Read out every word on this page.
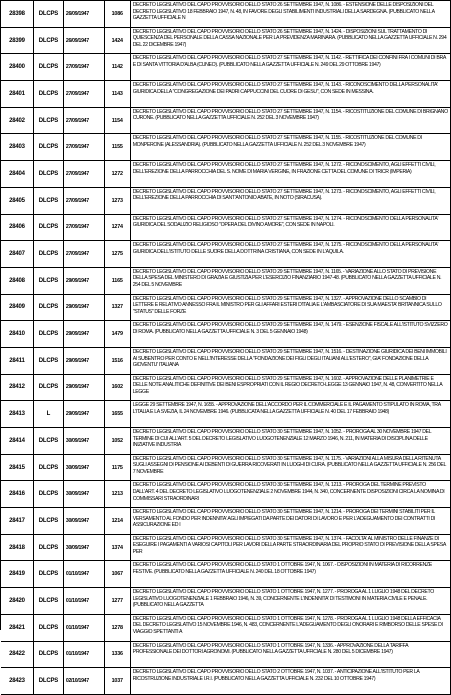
28398	DLCPS	26/09/1947	1086
DECRETO LEGISLATIVO DEL CAPO PROVVISORIO DELLO STATO 26 SETTEMBRE 1947, N. 1086. - ESTENSIONE DELLE DISPOSIZIONI DEL DECRETO LEGISLATIVO 18 FEBBRAIO 1947, N. 48, IN FAVORE DEGLI STABILIMENTI INDUSTRIALI DELLA SARDEGNA. (PUBBLICATO NELLA GAZZETTA UFFICIALE N
28399	DLCPS	26/09/1947	1424
DECRETO LEGISLATIVO DEL CAPO PROVVISORIO DELLO STATO 26 SETTEMBRE 1947, N. 1424. - DISPOSIZIONI SUL TRATTAMENTO DI QUIESCENZA DEL PERSONALE DELLA CASSA NAZIONALE PER LA PREVIDENZA MARINARA. (PUBBLICATO NELLA GAZZETTA UFFICIALE N. 294 DEL 22 DICEMBRE 1947)
28400	DLCPS	27/09/1947	1142
DECRETO LEGISLATIVO DEL CAPO PROVVISORIO DELLO STATO 27 SETTEMBRE 1947, N. 1142. - RETTIFICA DEI CONFINI FRA I COMUNI DI BRA E DI SANTA VITTORIA D'ALBA (CUNEO). (PUBBLICATO NELLA GAZZETTA UFFICIALE N. 249 DEL 29 OTTOBRE 1947)
28401	DLCPS	27/09/1947	1143
DECRETO LEGISLATIVO DEL CAPO PROVVISORIO DELLO STATO 27 SETTEMBRE 1947, N. 1143. - RICONOSCIMENTO DELLA PERSONALITA' GIURIDICA DELLA "CONGREGAZIONE DEI PADRI CAPPUCCINI DEL CUORE DI GESU", CON SEDE IN MESSINA.
28402	DLCPS	27/09/1947	1154
DECRETO LEGISLATIVO DEL CAPO PROVVISORIO DELLO STATO 27 SETTEMBRE 1947, N. 1154. - RICOSTITUZIONE DEL COMUNE DI BRIGNANO CURONE. (PUBBLICATO NELLA GAZZETTA UFFICIALE N. 252 DEL 3 NOVEMBRE 1947)
28403	DLCPS	27/09/1947	1155
DECRETO LEGISLATIVO DEL CAPO PROVVISORIO DELLO STATO 27 SETTEMBRE 1947, N. 1155. - RICOSTITUZIONE DEL COMUNE DI MONPERONE (ALESSANDRIA). (PUBBLICATO NELLA GAZZETTA UFFICIALE N. 252 DEL 3 NOVEMBRE 1947)
28404	DLCPS	27/09/1947	1272
DECRETO LEGISLATIVO DEL CAPO PROVVISORIO DELLO STATO 27 SETTEMBRE 1947, N. 1272. - RICONOSCIMENTO, AGLI EFFETTI CIVILI, DELL'EREZIONE DELLA PARROCCHIA DEL S. NOME DI MARIA VERGINE, IN FRAZIONE CETTA DEL COMUNE DI TRICR (IMPERIA)
28405	DLCPS	27/09/1947	1273
DECRETO LEGISLATIVO DEL CAPO PROVVISORIO DELLO STATO 27 SETTEMBRE 1947, N. 1273. - RICONOSCIMENTO, AGLI EFFETTI CIVILI, DELL'EREZIONE DELLA PARROCCHIA DI SANT'ANTONIO ABATE, IN NOTO (SIRACUSA).
28406	DLCPS	27/09/1947	1274
DECRETO LEGISLATIVO DEL CAPO PROVVISORIO DELLO STATO 27 SETTEMBRE 1947, N. 1274. - RICONOSCIMENTO DELLA PERSONALITA' GIURIDICA DEL SODALIZIO RELIGIOSO "OPERA DEL DIVINO AMORE", CON SEDE IN NAPOLI.
28407	DLCPS	27/09/1947	1275
DECRETO LEGISLATIVO DEL CAPO PROVVISORIO DELLO STATO 27 SETTEMBRE 1947, N. 1275. - RICONOSCIMENTO DELLA PERSONALITA' GIURIDICA DELL'ISTITUTO DELLE SUORE DELLA DOTTRINA CRISTIANA, CON SEDE IN L'AQUILA.
28408	DLCPS	29/09/1947	1165
DECRETO LEGISLATIVO DEL CAPO PROVVISORIO DELLO STATO 29 SETTEMBRE 1947, N. 1165. - VARIAZIONE ALLO STATO DI PREVISIONE DELLA SPESA DEL MINISTERO DI GRAZIA E GIUSTIZIA PER L'ESERCIZIO FINANZIARIO 1947-48. (PUBBLICATO NELLA GAZZETTA UFFICIALE N. 254 DEL 5 NOVEMBRE
28409	DLCPS	29/09/1947	1327
DECRETO LEGISLATIVO DEL CAPO PROVVISORIO DELLO STATO 29 SETTEMBRE 1947, N. 1327. - APPROVAZIONE DELLO SCAMBIO DI LETTERE E RELATIVO ANNESSO FRA IL MINISTRO PER GLI AFFARI ESTERI D'ITALIA E L'AMBASCIATORE DI SUA MAESTA' BRITANNICA SULLO "STATUS" DELLE FORZE
28410	DLCPS	29/09/1947	1479
DECRETO LEGISLATIVO DEL CAPO PROVVISORIO DELLO STATO 29 SETTEMBRE 1947, N. 1479. - ESENZIONE FISCALE ALL'ISTITUTO SVIZZERO DI ROMA. (PUBBLICATO NELLA GAZZETTA UFFICIALE N. 3 DEL 5 GENNAIO 1948)
28411	DLCPS	29/09/1947	1516
DECRETO LEGISLATIVO DEL CAPO PROVVISORIO DELLO STATO 29 SETTEMBRE 1947, N. 1516. - DESTINAZIONE GIURIDICA DEI BENI IMMOBILI AI SUBENTRO PER CONTO E NELL'INTERESSE DELLA "FONDAZIONE DEI FIGLI DEGLI ITALIANI ALL'ESTERO", GIA' FONDAZIONE DELLA GIOVENTU' ITALIANA
28412	DLCPS	29/09/1947	1602
DECRETO LEGISLATIVO DEL CAPO PROVVISORIO DELLO STATO 29 SETTEMBRE 1947, N. 1602. - APPROVAZIONE DELLE PLANIMETRIE E DELLE NOTE ANALITICHE DEFINITIVE DEI BENI ESPROPRIATI CON IL REGIO DECRETO-LEGGE 13 GENNAIO 1947, N. 48, CONVERTITO NELLA LEGGE
28413	L	29/09/1947	1655
LEGGE 29 SETTEMBRE 1947, N. 1655. - APPROVAZIONE DELL'ACCORDO PER IL COMMERCIALE E IL PAGAMENTO STIPULATO IN ROMA, TRA L'ITALIA E LA SVEZIA, IL 24 NOVEMBRE 1946. (PUBBLICATA NELLA GAZZETTA UFFICIALE N. 40 DEL 17 FEBBRAIO 1948)
28414	DLCPS	30/09/1947	1052
DECRETO LEGISLATIVO DEL CAPO PROVVISORIO DELLO STATO 30 SETTEMBRE 1947, N. 1052. - PROROGA AL 30 NOVEMBRE 1947 DEL TERMINE DI CUI ALL'ART. 5 DEL DECRETO LEGISLATIVO LUOGOTENENZIALE 12 MARZO 1946, N. 211, IN MATERIA DI DISCIPLINA DELLE INIZIATIVE INDUSTRIA
28415	DLCPS	30/09/1947	1175
DECRETO LEGISLATIVO DEL CAPO PROVVISORIO DELLO STATO 30 SETTEMBRE 1947, N. 1175. - VARIAZIONI ALLA MISURA DELLA RITENUTA SUGLI ASSEGNI DI PENSIONE AI DEBENTI DI GUERRA RICOVERATI IN LUOGHI DI CURA. (PUBBLICATO NELLA GAZZETTA UFFICIALE N. 256 DEL 7 NOVEMBRE
28416	DLCPS	30/09/1947	1213
DECRETO LEGISLATIVO DEL CAPO PROVVISORIO DELLO STATO 30 SETTEMBRE 1947, N. 1213. - PROROGA DEL TERMINE PREVISTO DALL'ART. 4 DEL DECRETO LEGISLATIVO LUOGOTENENZIALE 2 NOVEMBRE 1944, N. 340, CONCERNENTE DISPOSIZIONI CIRCA LA NOMINA DI COMMISSARI STRAORDINARI
28417	DLCPS	30/09/1947	1214
DECRETO LEGISLATIVO DEL CAPO PROVVISORIO DELLO STATO 30 SETTEMBRE 1947, N. 1214. - PROROGA DEI TERMINI STABILITI PER IL VERSAMENTO AL FONDO PER INDENNITA' AGLI IMPIEGATI DA PARTE DEI DATORI DI LAVORO E PER L'ADEGUAMENTO DEI CONTRATTI DI ASSICURAZIONE ED I
28418	DLCPS	30/09/1947	1374
DECRETO LEGISLATIVO DEL CAPO PROVVISORIO DELLO STATO 30 SETTEMBRE 1947, N. 1374. - FACOLTA' AL MINISTRO DELLE FINANZE DI ESEGUIRE I PAGAMENTI A VARIOSI CAPITOLI PER LAVORI DELLA PARTE STRAORDINARIA DEL PROPRIO STATO DI PREVISIONE DELLA SPESA PER
28419	DLCPS	01/10/1947	1067
DECRETO LEGISLATIVO DEL CAPO PROVVISORIO DELLO STATO 1 OTTOBRE 1947, N. 1067. - DISPOSIZIONI IN MATERIA DI RICORRENZE FESTIVE. (PUBBLICATO NELLA GAZZETTA UFFICIALE N. 240 DEL 18 OTTOBRE 1947)
28420	DLCPS	01/10/1947	1277
DECRETO LEGISLATIVO DEL CAPO PROVVISORIO DELLO STATO 1 OTTOBRE 1947, N. 1277. - PROROGA AL 1 LUGLIO 1948 DEL DECRETO LEGISLATIVO LUOGOTENENZIALE 1 FEBBRAIO 1946, N. 39, CONCERNENTE L'INDENNITA' DI TESTIMONI IN MATERIA CIVILE E PENALE. (PUBBLICATO NELLA GAZZETTA
28421	DLCPS	01/10/1947	1278
DECRETO LEGISLATIVO DEL CAPO PROVVISORIO DELLO STATO 1 OTTOBRE 1947, N. 1278. - PROROGA AL 1 LUGLIO 1948 DELLA EFFICACIA DEL DECRETO LEGISLATIVO 15 NOVEMBRE 1946, N. 483, CONCERNENTE L'ADEGUAMENTO DEGLI ONORARI E RIMBORSO DELLE SPESE DI VIAGGIO SPETTANTI A
28422	DLCPS	01/10/1947	1336
DECRETO LEGISLATIVO DEL CAPO PROVVISORIO DELLO STATO 1 OTTOBRE 1947, N. 1336. - APPROVAZIONE DELLA TARIFFA PROFESSIONALE DEI DOTTORI AGRONOMI. (PUBBLICATO NELLA GAZZETTA UFFICIALE N. 280 DEL 5 DICEMBRE 1947)
28423	DLCPS	02/10/1947	1037
DECRETO LEGISLATIVO DEL CAPO PROVVISORIO DELLO STATO 2 OTTOBRE 1947, N. 1037. - ANTICIPAZIONE ALL'ISTITUTO PER LA RICOSTRUZIONE INDUSTRIALE I.R.I. (PUBBLICATO NELLA GAZZETTA UFFICIALE N. 232 DEL 10 OTTOBRE 1947)
